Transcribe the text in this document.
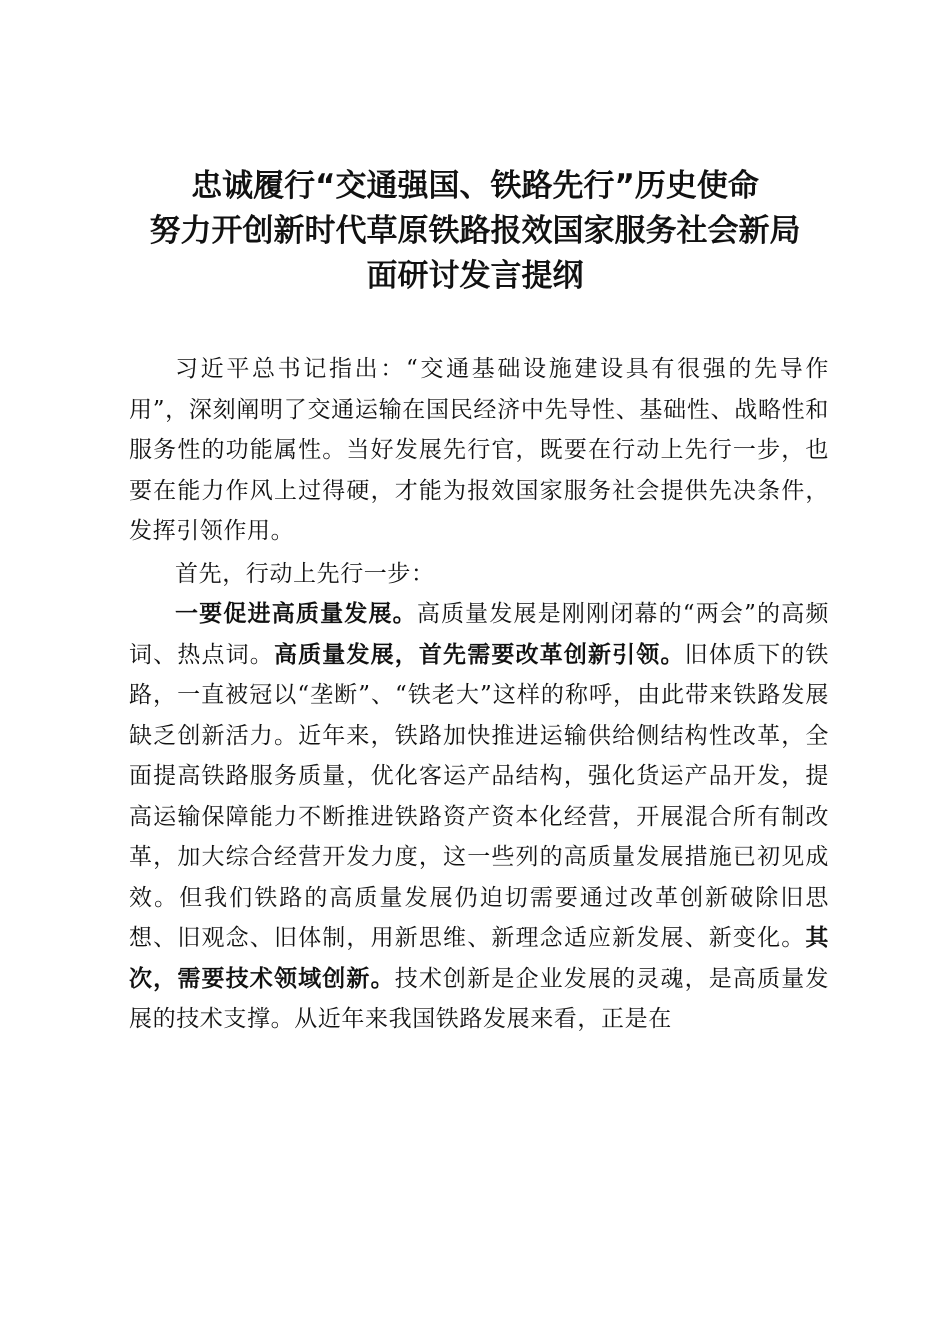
忠诚履行“交通强国、铁路先行”历史使命
努力开创新时代草原铁路报效国家服务社会新局
面研讨发言提纲

习近平总书记指出：“交通基础设施建设具有很强的先导作用”，深刻阐明了交通运输在国民经济中先导性、基础性、战略性和服务性的功能属性。当好发展先行官，既要在行动上先行一步，也要在能力作风上过得硬，才能为报效国家服务社会提供先决条件，发挥引领作用。

首先，行动上先行一步：

一要促进高质量发展。高质量发展是刚刚闭幕的“两会”的高频词、热点词。高质量发展，首先需要改革创新引领。旧体质下的铁路，一直被冠以“垄断”、“铁老大”这样的称呼，由此带来铁路发展缺乏创新活力。近年来，铁路加快推进运输供给侧结构性改革，全面提高铁路服务质量，优化客运产品结构，强化货运产品开发，提高运输保障能力不断推进铁路资产资本化经营，开展混合所有制改革，加大综合经营开发力度，这一些列的高质量发展措施已初见成效。但我们铁路的高质量发展仍迫切需要通过改革创新破除旧思想、旧观念、旧体制，用新思维、新理念适应新发展、新变化。其次，需要技术领域创新。技术创新是企业发展的灵魂，是高质量发展的技术支撑。从近年来我国铁路发展来看，正是在
